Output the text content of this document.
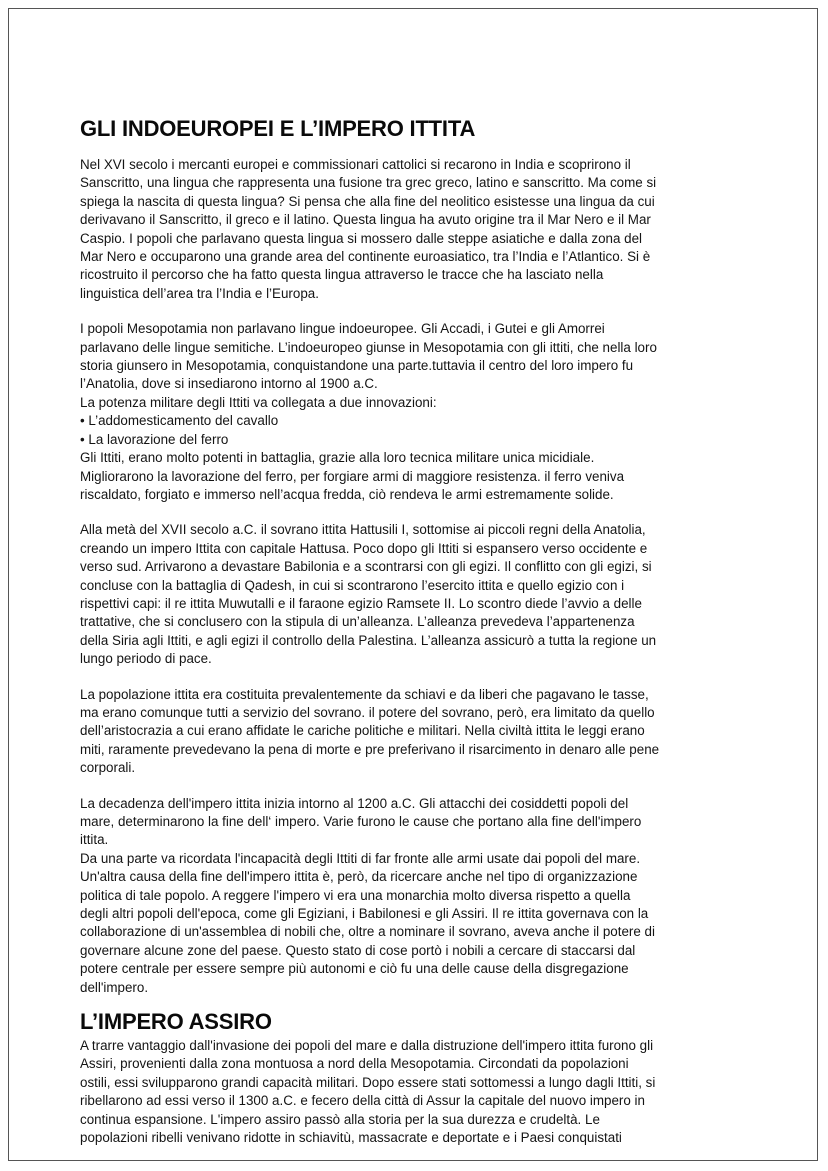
GLI INDOEUROPEI E L’IMPERO ITTITA
Nel XVI secolo i mercanti europei e commissionari cattolici si recarono in India e scoprirono il
Sanscritto, una lingua che rappresenta una fusione tra grec greco, latino e sanscritto. Ma come si
spiega la nascita di questa lingua? Si pensa che alla fine del neolitico esistesse una lingua da cui
derivavano il Sanscritto, il greco e il latino. Questa lingua ha avuto origine tra il Mar Nero e il Mar
Caspio. I popoli che parlavano questa lingua si mossero dalle steppe asiatiche e dalla zona del
Mar Nero e occuparono una grande area del continente euroasiatico, tra l’India e l’Atlantico. Si è
ricostruito il percorso che ha fatto questa lingua attraverso le tracce che ha lasciato nella
linguistica dell’area tra l’India e l’Europa.
I popoli Mesopotamia non parlavano lingue indoeuropee. Gli Accadi, i Gutei e gli Amorrei
parlavano delle lingue semitiche. L’indoeuropeo giunse in Mesopotamia con gli ittiti, che nella loro
storia giunsero in Mesopotamia, conquistandone una parte.tuttavia il centro del loro impero fu
l’Anatolia, dove si insediarono intorno al 1900 a.C.
La potenza militare degli Ittiti va collegata a due innovazioni:
• L’addomesticamento del cavallo
• La lavorazione del ferro
Gli Ittiti, erano molto potenti in battaglia, grazie alla loro tecnica militare unica micidiale.
Migliorarono la lavorazione del ferro, per forgiare armi di maggiore resistenza. il ferro veniva
riscaldato, forgiato e immerso nell’acqua fredda, ciò rendeva le armi estremamente solide.
Alla metà del XVII secolo a.C. il sovrano ittita Hattusili I, sottomise ai piccoli regni della Anatolia,
creando un impero Ittita con capitale Hattusa. Poco dopo gli Ittiti si espansero verso occidente e
verso sud. Arrivarono a devastare Babilonia e a scontrarsi con gli egizi. Il conflitto con gli egizi, si
concluse con la battaglia di Qadesh, in cui si scontrarono l’esercito ittita e quello egizio con i
rispettivi capi: il re ittita Muwutalli e il faraone egizio Ramsete II. Lo scontro diede l’avvio a delle
trattative, che si conclusero con la stipula di un’alleanza. L’alleanza prevedeva l’appartenenza
della Siria agli Ittiti, e agli egizi il controllo della Palestina. L’alleanza assicurò a tutta la regione un
lungo periodo di pace.
La popolazione ittita era costituita prevalentemente da schiavi e da liberi che pagavano le tasse,
ma erano comunque tutti a servizio del sovrano. il potere del sovrano, però, era limitato da quello
dell’aristocrazia a cui erano affidate le cariche politiche e militari. Nella civiltà ittita le leggi erano
miti, raramente prevedevano la pena di morte e pre preferivano il risarcimento in denaro alle pene
corporali.
La decadenza dell'impero ittita inizia intorno al 1200 a.C. Gli attacchi dei cosiddetti popoli del
mare, determinarono la fine dell‘ impero. Varie furono le cause che portano alla fine dell'impero
ittita.
Da una parte va ricordata l'incapacità degli Ittiti di far fronte alle armi usate dai popoli del mare.
Un'altra causa della fine dell'impero ittita è, però, da ricercare anche nel tipo di organizzazione
politica di tale popolo. A reggere l'impero vi era una monarchia molto diversa rispetto a quella
degli altri popoli dell'epoca, come gli Egiziani, i Babilonesi e gli Assiri. Il re ittita governava con la
collaborazione di un'assemblea di nobili che, oltre a nominare il sovrano, aveva anche il potere di
governare alcune zone del paese. Questo stato di cose portò i nobili a cercare di staccarsi dal
potere centrale per essere sempre più autonomi e ciò fu una delle cause della disgregazione
dell'impero.
L’IMPERO ASSIRO
A trarre vantaggio dall'invasione dei popoli del mare e dalla distruzione dell'impero ittita furono gli
Assiri, provenienti dalla zona montuosa a nord della Mesopotamia. Circondati da popolazioni
ostili, essi svilupparono grandi capacità militari. Dopo essere stati sottomessi a lungo dagli Ittiti, si
ribellarono ad essi verso il 1300 a.C. e fecero della città di Assur la capitale del nuovo impero in
continua espansione. L'impero assiro passò alla storia per la sua durezza e crudeltà. Le
popolazioni ribelli venivano ridotte in schiavitù, massacrate e deportate e i Paesi conquistati
